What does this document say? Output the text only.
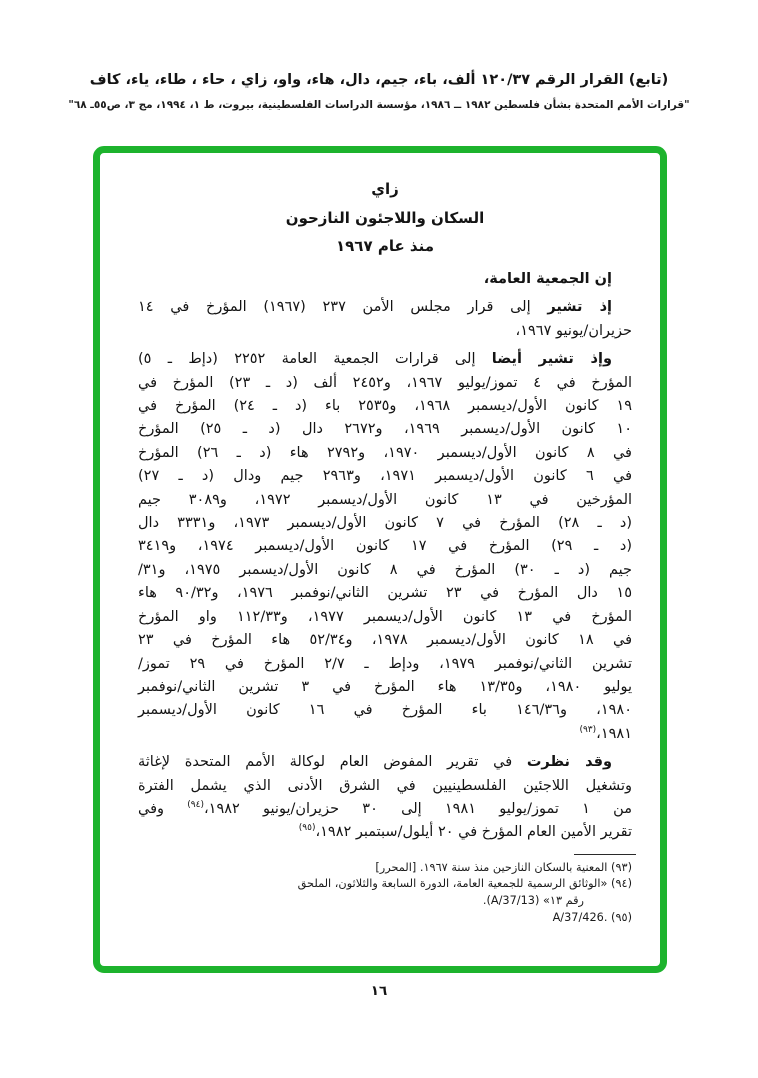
(تابع) القرار الرقم ١٢٠/٣٧ ألف، باء، جيم، دال، هاء، واو، زاي ، حاء ، طاء، ياء، كاف
"قرارات الأمم المتحدة بشأن فلسطين ١٩٨٢ ــ ١٩٨٦، مؤسسة الدراسات الفلسطينية، بيروت، ط ١، ١٩٩٤، مج ٣، ص٥٥ـ ٦٨"
زاي
السكان واللاجئون النازحون
منذ عام ١٩٦٧
إن الجمعية العامة،
إذ تشير إلى قرار مجلس الأمن ٢٣٧ (١٩٦٧) المؤرخ في ١٤
حزيران/يونيو ١٩٦٧،
وإذ تشير أيضا إلى قرارات الجمعية العامة ٢٢٥٢ (دإط ـ ٥)
المؤرخ في ٤ تموز/يوليو ١٩٦٧، و٢٤٥٢ ألف (د ـ ٢٣) المؤرخ في
١٩ كانون الأول/ديسمبر ١٩٦٨، و٢٥٣٥ باء (د ـ ٢٤) المؤرخ في
١٠ كانون الأول/ديسمبر ١٩٦٩، و٢٦٧٢ دال (د ـ ٢٥) المؤرخ
في ٨ كانون الأول/ديسمبر ١٩٧٠، و٢٧٩٢ هاء (د ـ ٢٦) المؤرخ
في ٦ كانون الأول/ديسمبر ١٩٧١، و٢٩٦٣ جيم ودال (د ـ ٢٧)
المؤرخين في ١٣ كانون الأول/ديسمبر ١٩٧٢، و٣٠٨٩ جيم
(د ـ ٢٨) المؤرخ في ٧ كانون الأول/ديسمبر ١٩٧٣، و٣٣٣١ دال
(د ـ ٢٩) المؤرخ في ١٧ كانون الأول/ديسمبر ١٩٧٤، و٣٤١٩
جيم (د ـ ٣٠) المؤرخ في ٨ كانون الأول/ديسمبر ١٩٧٥، و٣١/
١٥ دال المؤرخ في ٢٣ تشرين الثاني/نوفمبر ١٩٧٦، و٩٠/٣٢ هاء
المؤرخ في ١٣ كانون الأول/ديسمبر ١٩٧٧، و١١٢/٣٣ واو المؤرخ
في ١٨ كانون الأول/ديسمبر ١٩٧٨، و٥٢/٣٤ هاء المؤرخ في ٢٣
تشرين الثاني/نوفمبر ١٩٧٩، ودإط ـ ٢/٧ المؤرخ في ٢٩ تموز/
يوليو ١٩٨٠، و١٣/٣٥ هاء المؤرخ في ٣ تشرين الثاني/نوفمبر
١٩٨٠، و١٤٦/٣٦ باء المؤرخ في ١٦ كانون الأول/ديسمبر
١٩٨١،$^{(٩٣)}$
وقد نظرت في تقرير المفوض العام لوكالة الأمم المتحدة لإغاثة
وتشغيل اللاجئين الفلسطينيين في الشرق الأدنى الذي يشمل الفترة
من ١ تموز/يوليو ١٩٨١ إلى ٣٠ حزيران/يونيو ١٩٨٢،$^{(٩٤)}$ وفي
تقرير الأمين العام المؤرخ في ٢٠ أيلول/سبتمبر ١٩٨٢،$^{(٩٥)}$
(٩٣) المعنية بالسكان النازحين منذ سنة ١٩٦٧. [المحرر]
(٩٤) «الوثائق الرسمية للجمعية العامة، الدورة السابعة والثلاثون، الملحق
رقم ١٣» (A/37/13).
(٩٥) A/37/426.
١٦
